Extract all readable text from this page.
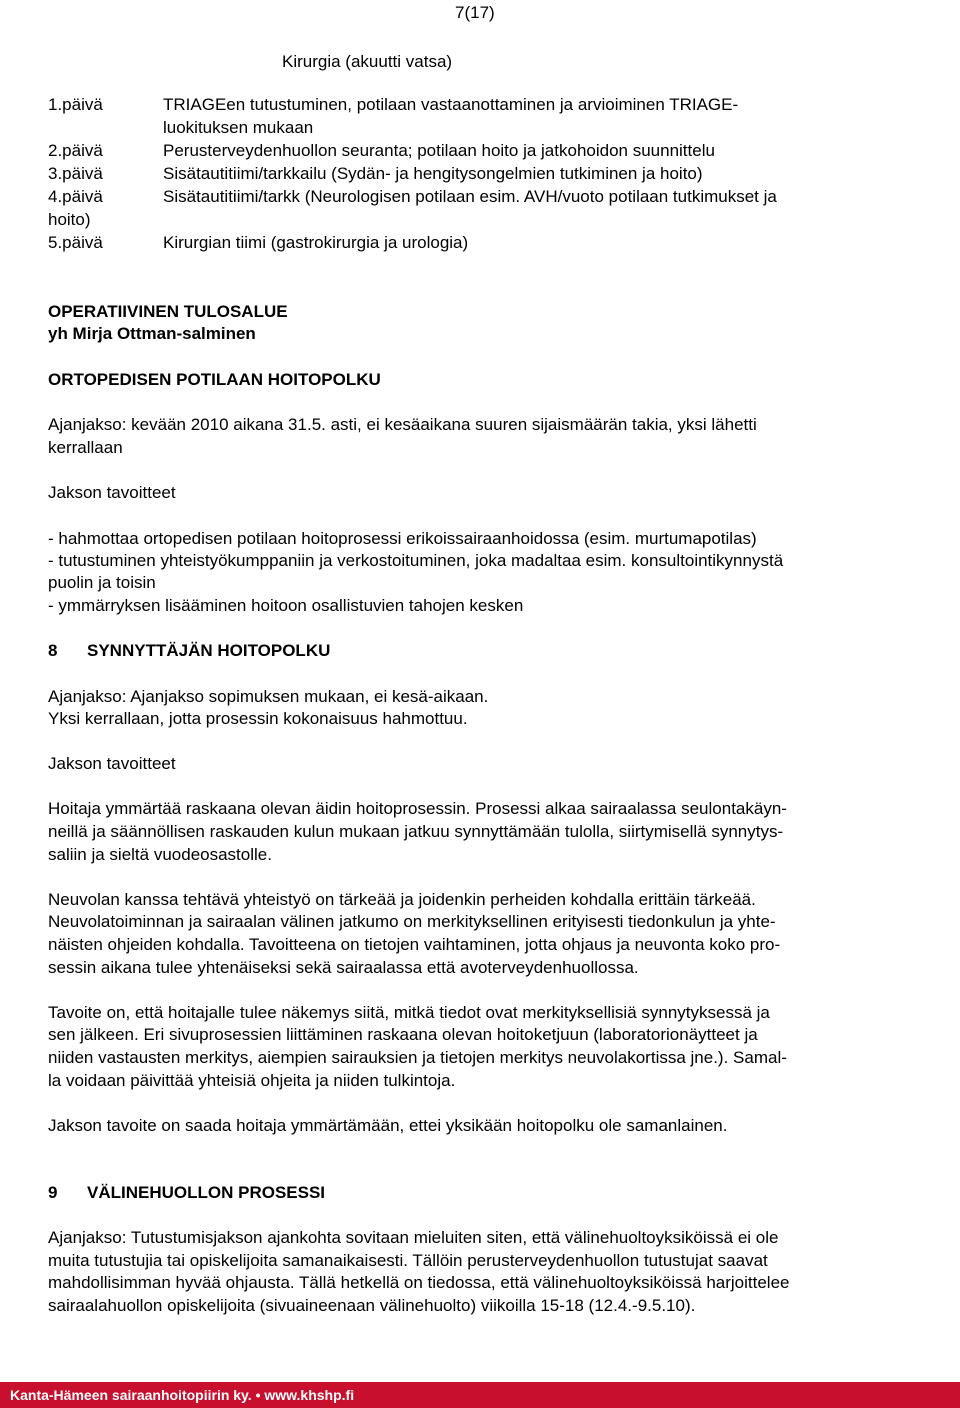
7(17)
Kirurgia (akuutti vatsa)
1.päivä	TRIAGEen tutustuminen, potilaan vastaanottaminen ja arvioiminen TRIAGE-
luokituksen mukaan
2.päivä	Perusterveydenhuollon seuranta; potilaan hoito ja jatkohoidon suunnittelu
3.päivä	Sisätautitiimi/tarkkailu (Sydän- ja hengitysongelmien tutkiminen ja hoito)
4.päivä	Sisätautitiimi/tarkk (Neurologisen potilaan esim. AVH/vuoto potilaan tutkimukset ja
hoito)
5.päivä	Kirurgian tiimi (gastrokirurgia ja urologia)
OPERATIIVINEN TULOSALUE
yh Mirja Ottman-salminen
ORTOPEDISEN POTILAAN HOITOPOLKU
Ajanjakso: kevään 2010 aikana 31.5. asti, ei kesäaikana suuren sijaismäärän takia, yksi lähetti
kerrallaan
Jakson tavoitteet
- hahmottaa ortopedisen potilaan hoitoprosessi erikoissairaanhoidossa (esim. murtumapotilas)
- tutustuminen yhteistyökumppaniin ja verkostoituminen, joka madaltaa esim. konsultointikynnystä
puolin ja toisin
- ymmärryksen lisääminen hoitoon osallistuvien tahojen kesken
8 SYNNYTTÄJÄN HOITOPOLKU
Ajanjakso: Ajanjakso sopimuksen mukaan, ei kesä-aikaan.
Yksi kerrallaan, jotta prosessin kokonaisuus hahmottuu.
Jakson tavoitteet
Hoitaja ymmärtää raskaana olevan äidin hoitoprosessin. Prosessi alkaa sairaalassa seulontakäyn-
neillä ja säännöllisen raskauden kulun mukaan jatkuu synnyttämään tulolla, siirtymisellä synnytys-
saliin ja sieltä vuodeosastolle.
Neuvolan kanssa tehtävä yhteistyö on tärkeää ja joidenkin perheiden kohdalla erittäin tärkeää.
Neuvolatoiminnan ja sairaalan välinen jatkumo on merkityksellinen erityisesti tiedonkulun ja yhte-
näisten ohjeiden kohdalla. Tavoitteena on tietojen vaihtaminen, jotta ohjaus ja neuvonta koko pro-
sessin aikana tulee yhtenäiseksi sekä sairaalassa että avoterveydenhuollossa.
Tavoite on, että hoitajalle tulee näkemys siitä, mitkä tiedot ovat merkityksellisiä synnytyksessä ja
sen jälkeen. Eri sivuprosessien liittäminen raskaana olevan hoitoketjuun (laboratorionäytteet ja
niiden vastausten merkitys, aiempien sairauksien ja tietojen merkitys neuvolakortissa jne.). Samal-
la voidaan päivittää yhteisiä ohjeita ja niiden tulkintoja.
Jakson tavoite on saada hoitaja ymmärtämään, ettei yksikään hoitopolku ole samanlainen.
9 VÄLINEHUOLLON PROSESSI
Ajanjakso: Tutustumisjakson ajankohta sovitaan mieluiten siten, että välinehuoltoyksiköissä ei ole
muita tutustujia tai opiskelijoita samanaikaisesti. Tällöin perusterveydenhuollon tutustujat saavat
mahdollisimman hyvää ohjausta. Tällä hetkellä on tiedossa, että välinehuoltoyksiköissä harjoittelee
sairaalahuollon opiskelijoita (sivuaineenaan välinehuolto) viikoilla 15-18 (12.4.-9.5.10).
Kanta-Hämeen sairaanhoitopiirin ky. • www.khshp.fi
